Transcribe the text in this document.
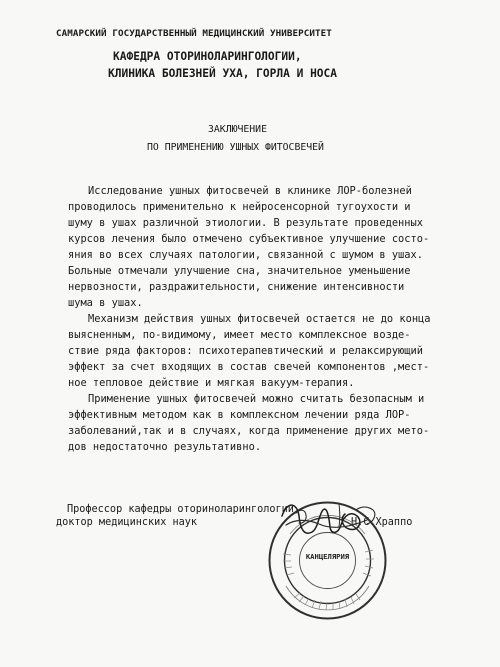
САМАРСКИЙ ГОСУДАРСТВЕННЫЙ МЕДИЦИНСКИЙ УНИВЕРСИТЕТ
КАФЕДРА ОТОРИНОЛАРИНГОЛОГИИ,
КЛИНИКА БОЛЕЗНЕЙ УХА, ГОРЛА И НОСА
ЗАКЛЮЧЕНИЕ
ПО ПРИМЕНЕНИЮ УШНЫХ ФИТОСВЕЧЕЙ
Исследование ушных фитосвечей в клинике ЛОР-болезней
проводилось применительно к нейросенсорной тугоухости и
шуму в ушах различной этиологии. В результате проведенных
курсов лечения было отмечено субъективное улучшение состо-
яния во всех случаях патологии, связанной с шумом в ушах.
Больные отмечали улучшение сна, значительное уменьшение
нервозности, раздражительности, снижение интенсивности
шума в ушах.
Механизм действия ушных фитосвечей остается не до конца
выясненным, по-видимому, имеет место комплексное возде-
ствие ряда факторов: психотерапевтический и релаксирующий
эффект за счет входящих в состав свечей компонентов ,мест-
ное тепловое действие и мягкая вакуум-терапия.
Применение ушных фитосвечей можно считать безопасным и
эффективным методом как в комплексном лечении ряда ЛОР-
заболеваний,так и в случаях, когда применение других мето-
дов недостаточно результативно.
Профессор кафедры оториноларингологии
доктор медицинских наук	Н.С.Храппо
КАНЦЕЛЯРИЯ
